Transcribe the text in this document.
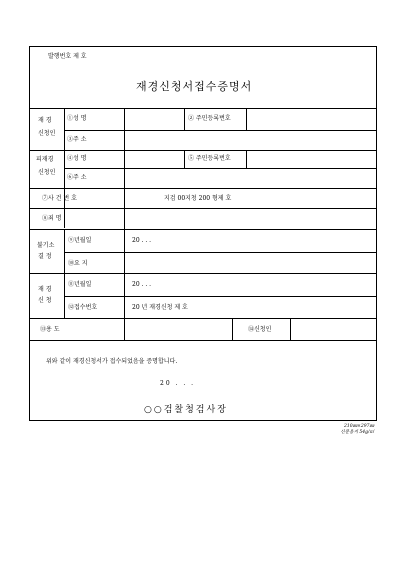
발행번호 제 호
재경신청서접수증명서
재 경
신청인
①성 명	② 주민등록번호
③주 소
피재경
신청인
④성 명	⑤ 주민등록번호
⑥주 소
⑦사 건 번 호	지검 00지청 200 형제 호
⑧죄 명
불기소
결 정
⑨년월일	20 . . .
⑩요 지
재 경
신 청
⑪년월일	20 . . .
⑫접수번호	20 년 재경신청 제 호
⑬용 도	⑭신청인
위와 같이 재경신청서가 접수되었음을 증명합니다.
20 . . .
○○검찰청검사장
210㎜×297㎜
신문용지 54g/㎡
